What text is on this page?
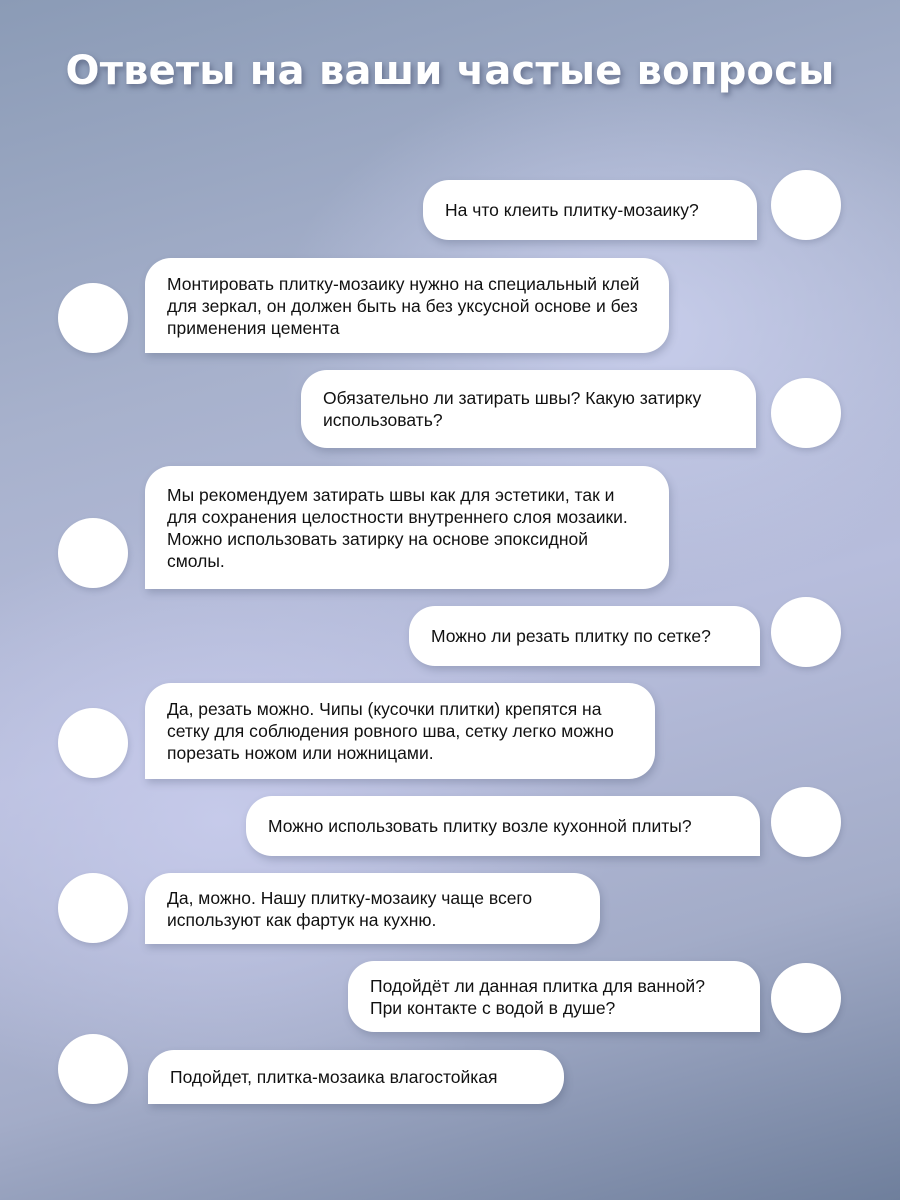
Ответы на ваши частые вопросы
На что клеить плитку-мозаику?
Монтировать плитку-мозаику нужно на специальный клей для зеркал, он должен быть на без уксусной основе и без применения цемента
Обязательно ли затирать швы? Какую затирку использовать?
Мы рекомендуем затирать швы как для эстетики, так и для сохранения целостности внутреннего слоя мозаики. Можно использовать затирку на основе эпоксидной смолы.
Можно ли резать плитку по сетке?
Да, резать можно. Чипы (кусочки плитки) крепятся на сетку для соблюдения ровного шва, сетку легко можно порезать ножом или ножницами.
Можно использовать плитку возле кухонной плиты?
Да, можно. Нашу плитку-мозаику чаще всего используют как фартук на кухню.
Подойдёт ли данная плитка для ванной? При контакте с водой в душе?
Подойдет, плитка-мозаика влагостойкая
